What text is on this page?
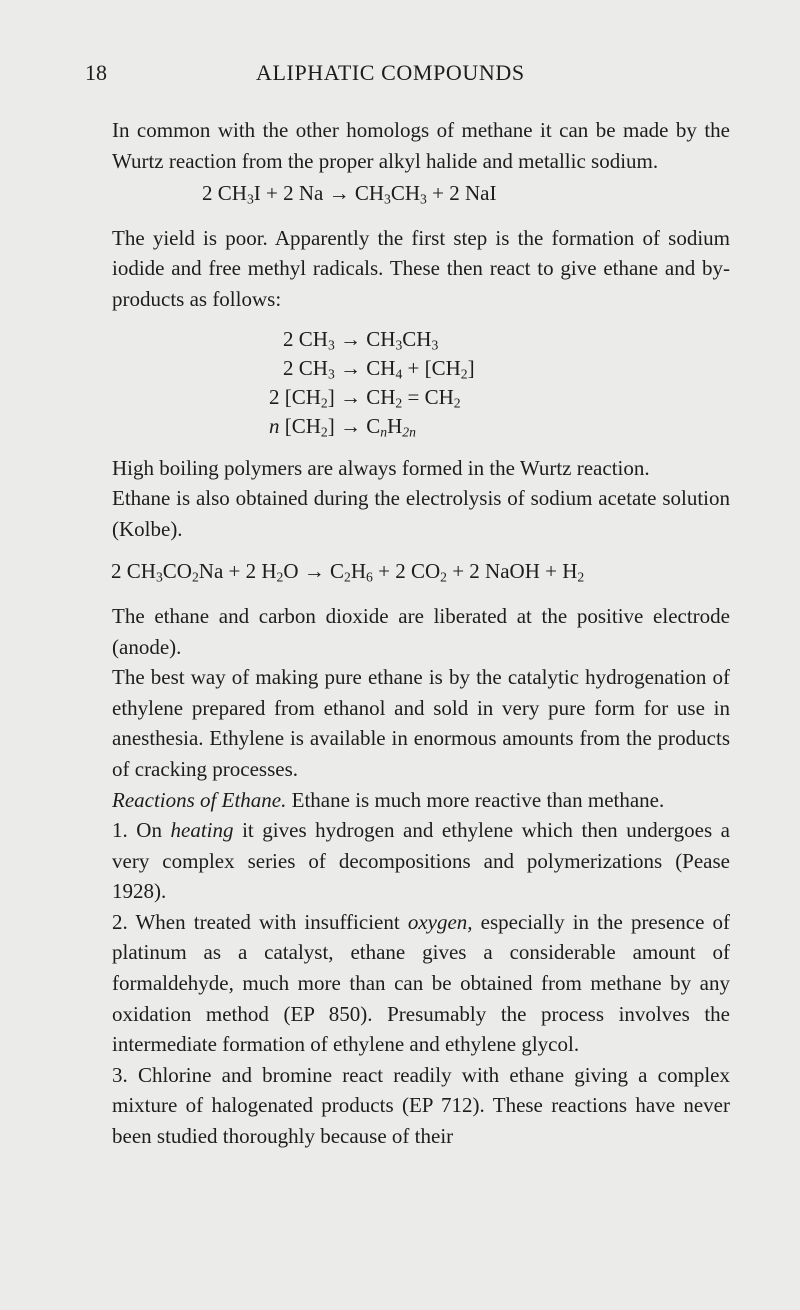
18	ALIPHATIC COMPOUNDS

In common with the other homologs of methane it can be made by the Wurtz reaction from the proper alkyl halide and metallic sodium.

2 $CH_3I + 2$ $Na \to CH_3CH_3 + 2$ NaI

The yield is poor. Apparently the first step is the formation of sodium iodide and free methyl radicals. These then react to give ethane and by-products as follows:

2 $CH_3 \to CH_3CH_3$

2 $CH_3 \to CH_4 + [CH_2]$

2 $[CH_2] \to CH_2 = CH_2$

n $[CH_2] \to C_nH_{2n}$

High boiling polymers are always formed in the Wurtz reaction.

Ethane is also obtained during the electrolysis of sodium acetate solution (Kolbe).

2 $CH_3CO_2Na + 2$ $H_2O \to C_2H_6 + 2$ $CO_2 + 2$ NaOH + $H_2$

The ethane and carbon dioxide are liberated at the positive electrode (anode).

The best way of making pure ethane is by the catalytic hydrogenation of ethylene prepared from ethanol and sold in very pure form for use in anesthesia. Ethylene is available in enormous amounts from the products of cracking processes.

Reactions of Ethane. Ethane is much more reactive than methane.

1. On heating it gives hydrogen and ethylene which then undergoes a very complex series of decompositions and polymerizations (Pease 1928).

2. When treated with insufficient oxygen, especially in the presence of platinum as a catalyst, ethane gives a considerable amount of formaldehyde, much more than can be obtained from methane by any oxidation method (EP 850). Presumably the process involves the intermediate formation of ethylene and ethylene glycol.

3. Chlorine and bromine react readily with ethane giving a complex mixture of halogenated products (EP 712). These reactions have never been studied thoroughly because of their
